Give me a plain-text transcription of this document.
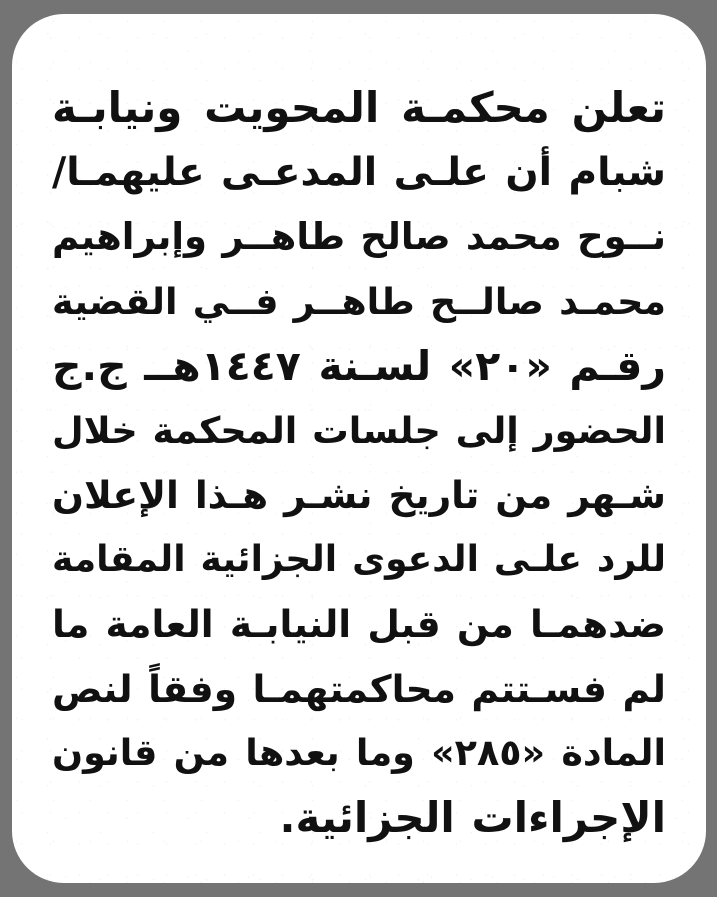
تعلن محكمـة المحويت ونيابـة
شبام أن علـى المدعـى عليهمـا/
نــوح محمد صالح طاهــر وإبراهيم
محمـد صالــح طاهــر فــي القضية
رقـم «٢٠» لسـنة ١٤٤٧هــ ج.ج
الحضور إلى جلسات المحكمة خلال
شـهر من تاريخ نشـر هـذا الإعلان
للرد علـى الدعوى الجزائية المقامة
ضدهمـا من قبل النيابـة العامة ما
لم فسـتتم محاكمتهمـا وفقاً لنص
المادة «٢٨٥» وما بعدها من قانون
الإجراءات الجزائية.
